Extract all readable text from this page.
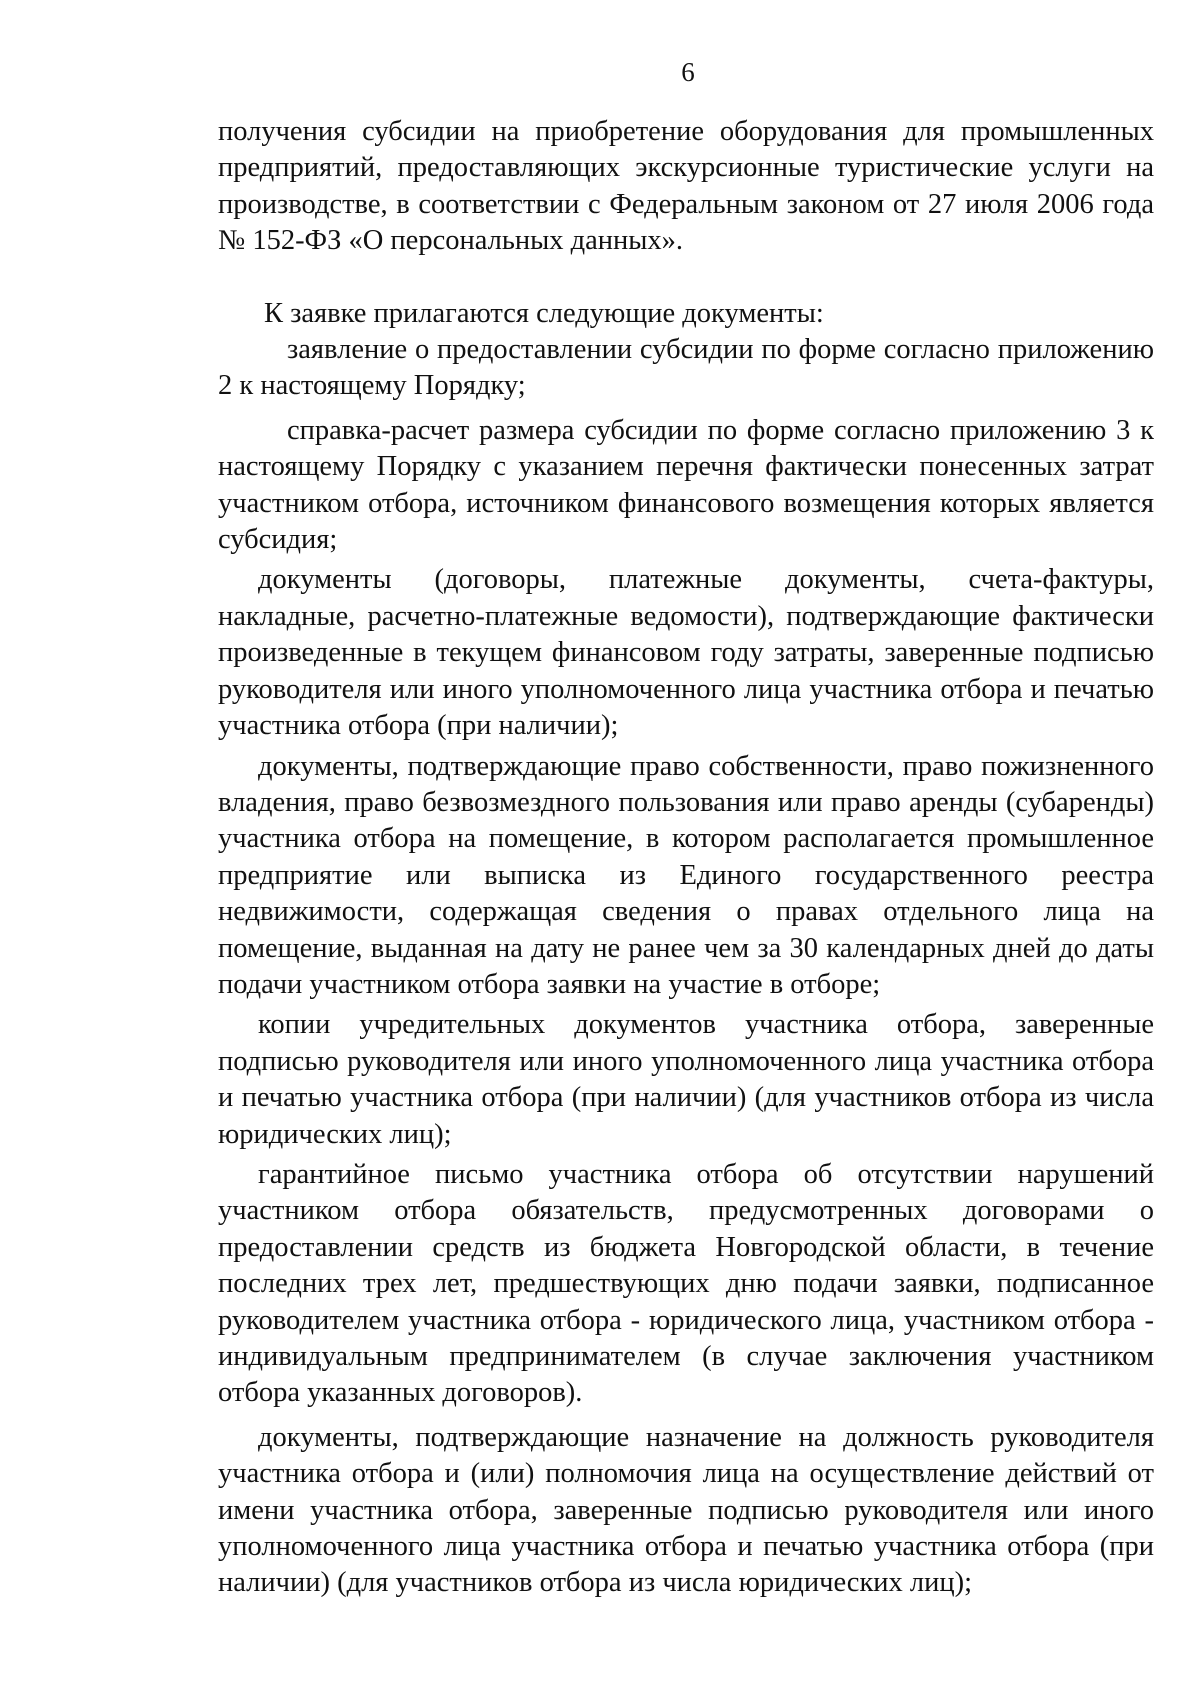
6

получения субсидии на приобретение оборудования для промышленных предприятий, предоставляющих экскурсионные туристические услуги на производстве, в соответствии с Федеральным законом от 27 июля 2006 года № 152-ФЗ «О персональных данных».

К заявке прилагаются следующие документы:

заявление о предоставлении субсидии по форме согласно приложению 2 к настоящему Порядку;

справка-расчет размера субсидии по форме согласно приложению 3 к настоящему Порядку с указанием перечня фактически понесенных затрат участником отбора, источником финансового возмещения которых является субсидия;

документы (договоры, платежные документы, счета-фактуры, накладные, расчетно-платежные ведомости), подтверждающие фактически произведенные в текущем финансовом году затраты, заверенные подписью руководителя или иного уполномоченного лица участника отбора и печатью участника отбора (при наличии);

документы, подтверждающие право собственности, право пожизненного владения, право безвозмездного пользования или право аренды (субаренды) участника отбора на помещение, в котором располагается промышленное предприятие или выписка из Единого государственного реестра недвижимости, содержащая сведения о правах отдельного лица на помещение, выданная на дату не ранее чем за 30 календарных дней до даты подачи участником отбора заявки на участие в отборе;

копии учредительных документов участника отбора, заверенные подписью руководителя или иного уполномоченного лица участника отбора и печатью участника отбора (при наличии) (для участников отбора из числа юридических лиц);

гарантийное письмо участника отбора об отсутствии нарушений участником отбора обязательств, предусмотренных договорами о предоставлении средств из бюджета Новгородской области, в течение последних трех лет, предшествующих дню подачи заявки, подписанное руководителем участника отбора - юридического лица, участником отбора - индивидуальным предпринимателем (в случае заключения участником отбора указанных договоров).

документы, подтверждающие назначение на должность руководителя участника отбора и (или) полномочия лица на осуществление действий от имени участника отбора, заверенные подписью руководителя или иного уполномоченного лица участника отбора и печатью участника отбора (при наличии) (для участников отбора из числа юридических лиц);
